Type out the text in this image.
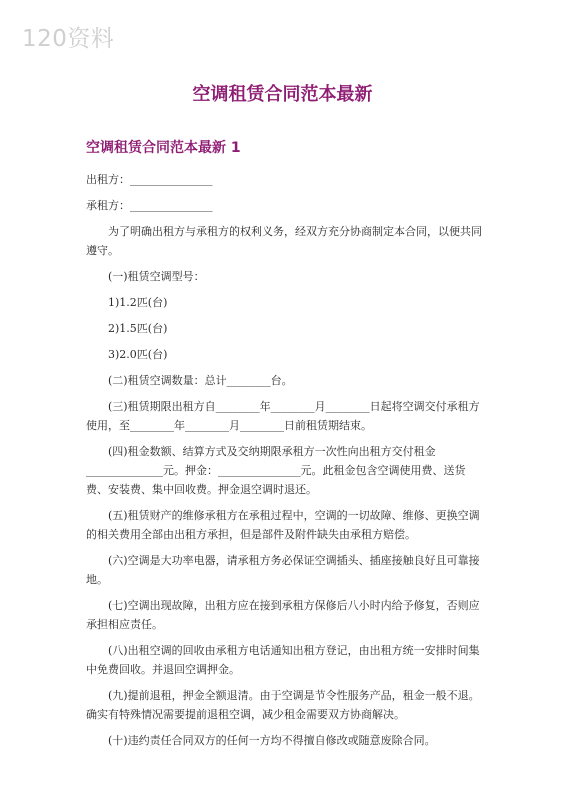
120资料
空调租赁合同范本最新
空调租赁合同范本最新 1

出租方：_______________

承租方：_______________

为了明确出租方与承租方的权利义务，经双方充分协商制定本合同，以便共同遵守。

(一)租赁空调型号：

1)1.2匹(台)

2)1.5匹(台)

3)2.0匹(台)

(二)租赁空调数量：总计________台。

(三)租赁期限出租方自________年________月________日起将空调交付承租方使用，至________年________月________日前租赁期结束。

(四)租金数额、结算方式及交纳期限承租方一次性向出租方交付租金______________元。押金：_______________元。此租金包含空调使用费、送货费、安装费、集中回收费。押金退空调时退还。

(五)租赁财产的维修承租方在承租过程中，空调的一切故障、维修、更换空调的相关费用全部由出租方承担，但是部件及附件缺失由承租方赔偿。

(六)空调是大功率电器，请承租方务必保证空调插头、插座接触良好且可靠接地。

(七)空调出现故障，出租方应在接到承租方保修后八小时内给予修复，否则应承担相应责任。

(八)出租空调的回收由承租方电话通知出租方登记，由出租方统一安排时间集中免费回收。并退回空调押金。

(九)提前退租，押金全额退清。由于空调是节令性服务产品，租金一般不退。确实有特殊情况需要提前退租空调，减少租金需要双方协商解决。

(十)违约责任合同双方的任何一方均不得擅自修改或随意废除合同。
